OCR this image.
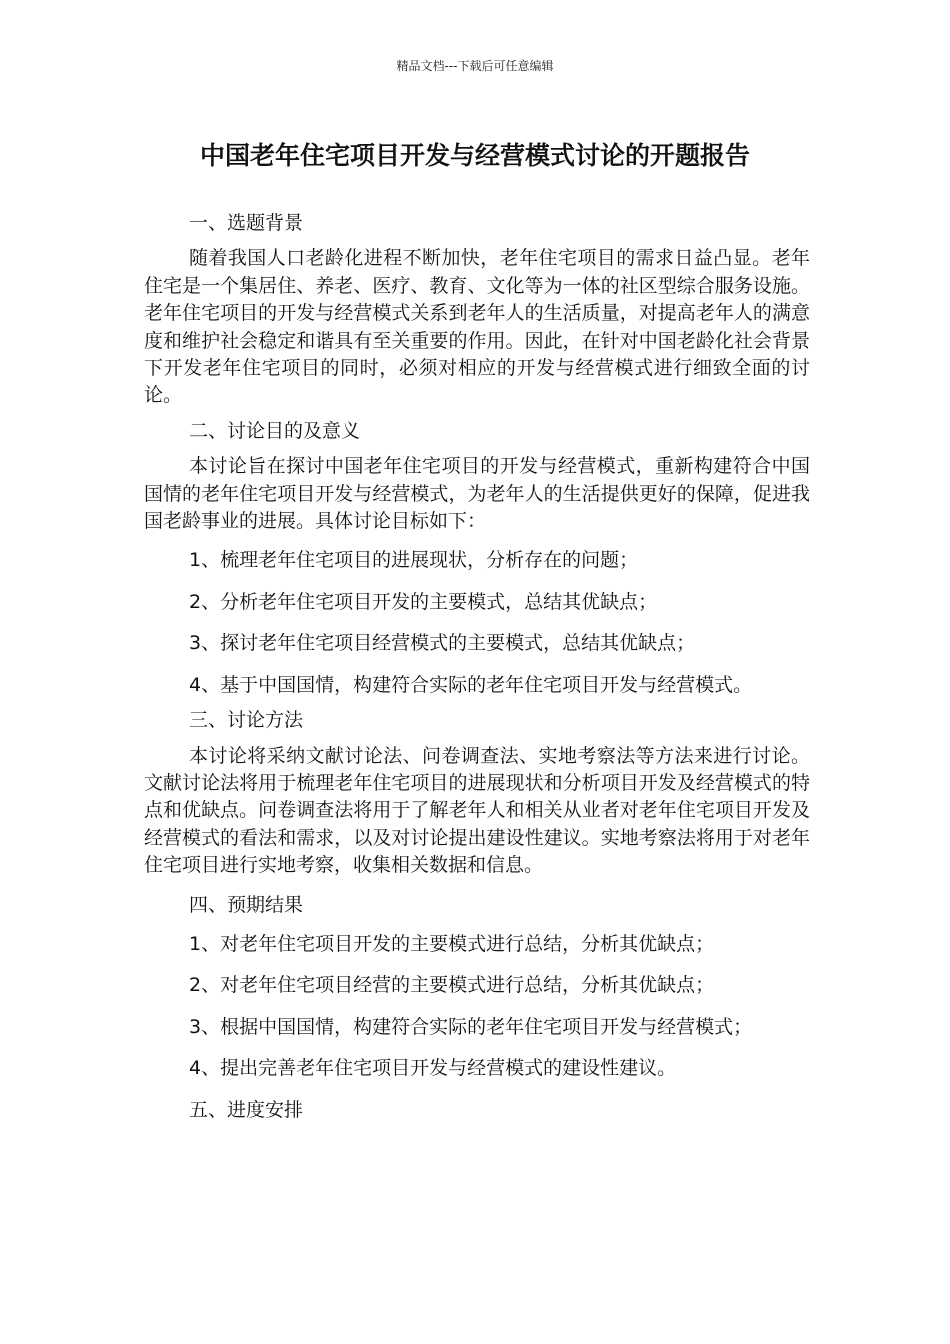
精品文档---下载后可任意编辑
中国老年住宅项目开发与经营模式讨论的开题报告

一、选题背景

随着我国人口老龄化进程不断加快，老年住宅项目的需求日益凸显。老年住宅是一个集居住、养老、医疗、教育、文化等为一体的社区型综合服务设施。老年住宅项目的开发与经营模式关系到老年人的生活质量，对提高老年人的满意度和维护社会稳定和谐具有至关重要的作用。因此，在针对中国老龄化社会背景下开发老年住宅项目的同时，必须对相应的开发与经营模式进行细致全面的讨论。

二、讨论目的及意义

本讨论旨在探讨中国老年住宅项目的开发与经营模式，重新构建符合中国国情的老年住宅项目开发与经营模式，为老年人的生活提供更好的保障，促进我国老龄事业的进展。具体讨论目标如下：

1、梳理老年住宅项目的进展现状，分析存在的问题；

2、分析老年住宅项目开发的主要模式，总结其优缺点；

3、探讨老年住宅项目经营模式的主要模式，总结其优缺点；

4、基于中国国情，构建符合实际的老年住宅项目开发与经营模式。

三、讨论方法

本讨论将采纳文献讨论法、问卷调查法、实地考察法等方法来进行讨论。文献讨论法将用于梳理老年住宅项目的进展现状和分析项目开发及经营模式的特点和优缺点。问卷调查法将用于了解老年人和相关从业者对老年住宅项目开发及经营模式的看法和需求，以及对讨论提出建设性建议。实地考察法将用于对老年住宅项目进行实地考察，收集相关数据和信息。

四、预期结果

1、对老年住宅项目开发的主要模式进行总结，分析其优缺点；

2、对老年住宅项目经营的主要模式进行总结，分析其优缺点；

3、根据中国国情，构建符合实际的老年住宅项目开发与经营模式；

4、提出完善老年住宅项目开发与经营模式的建设性建议。

五、进度安排
